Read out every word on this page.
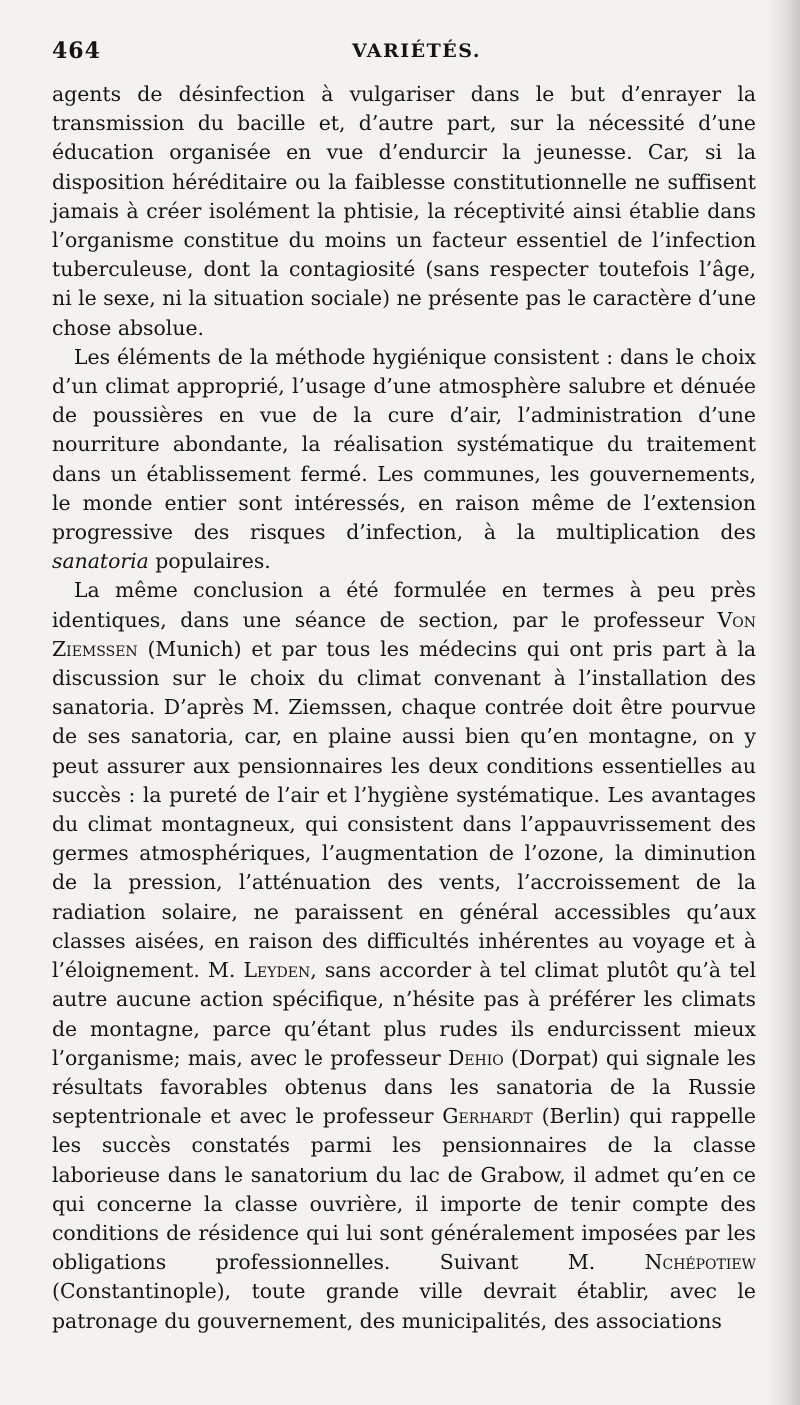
464	VARIÉTÉS.

agents de désinfection à vulgariser dans le but d’enrayer la transmission du bacille et, d’autre part, sur la nécessité d’une éducation organisée en vue d’endurcir la jeunesse. Car, si la disposition héréditaire ou la faiblesse constitutionnelle ne suffisent jamais à créer isolément la phtisie, la réceptivité ainsi établie dans l’organisme constitue du moins un facteur essentiel de l’infection tuberculeuse, dont la contagiosité (sans respecter toutefois l’âge, ni le sexe, ni la situation sociale) ne présente pas le caractère d’une chose absolue.

Les éléments de la méthode hygiénique consistent : dans le choix d’un climat approprié, l’usage d’une atmosphère salubre et dénuée de poussières en vue de la cure d’air, l’administration d’une nourriture abondante, la réalisation systématique du traitement dans un établissement fermé. Les communes, les gouvernements, le monde entier sont intéressés, en raison même de l’extension progressive des risques d’infection, à la multiplication des sanatoria populaires.

La même conclusion a été formulée en termes à peu près identiques, dans une séance de section, par le professeur Von Ziemssen (Munich) et par tous les médecins qui ont pris part à la discussion sur le choix du climat convenant à l’installation des sanatoria. D’après M. Ziemssen, chaque contrée doit être pourvue de ses sanatoria, car, en plaine aussi bien qu’en montagne, on y peut assurer aux pensionnaires les deux conditions essentielles au succès : la pureté de l’air et l’hygiène systématique. Les avantages du climat montagneux, qui consistent dans l’appauvrissement des germes atmosphériques, l’augmentation de l’ozone, la diminution de la pression, l’atténuation des vents, l’accroissement de la radiation solaire, ne paraissent en général accessibles qu’aux classes aisées, en raison des difficultés inhérentes au voyage et à l’éloignement. M. Leyden, sans accorder à tel climat plutôt qu’à tel autre aucune action spécifique, n’hésite pas à préférer les climats de montagne, parce qu’étant plus rudes ils endurcissent mieux l’organisme; mais, avec le professeur Dehio (Dorpat) qui signale les résultats favorables obtenus dans les sanatoria de la Russie septentrionale et avec le professeur Gerhardt (Berlin) qui rappelle les succès constatés parmi les pensionnaires de la classe laborieuse dans le sanatorium du lac de Grabow, il admet qu’en ce qui concerne la classe ouvrière, il importe de tenir compte des conditions de résidence qui lui sont généralement imposées par les obligations professionnelles. Suivant M. Nchépotiew (Constantinople), toute grande ville devrait établir, avec le patronage du gouvernement, des municipalités, des associations
